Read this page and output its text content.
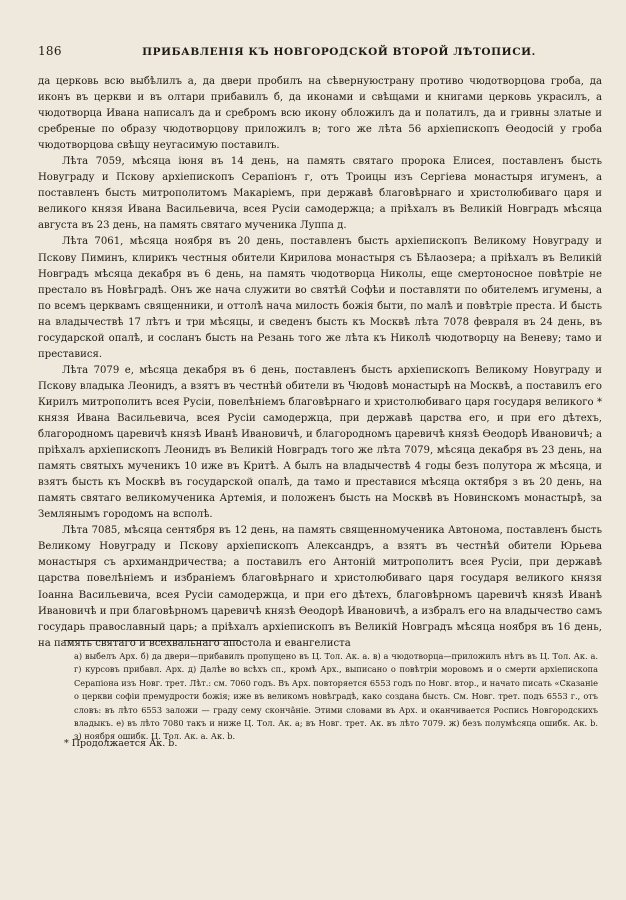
186	ПРИБАВЛЕНІЯ КЪ НОВГОРОДСКОЙ ВТОРОЙ ЛѢТОПИСИ.

да церковь всю выбѣлилъ а, да двери пробилъ на сѣвернуюстрану противо чюдотворцова гроба, да иконъ въ церкви и въ олтари прибавилъ б, да иконами и свѣщами и книгами церковь украсилъ, а чюдотворца Ивана написалъ да и сребромъ всю икону обложилъ да и полатилъ, да и гривны златые и сребреные по образу чюдотворцову приложилъ в; того же лѣта 56 архіепископъ Ѳеодосій у гроба чюдотворцова свѣщу неугасимую поставилъ.

Лѣта 7059, мѣсяца іюня въ 14 день, на память святаго пророка Елисея, поставленъ бысть Новуграду и Пскову архіепископъ Серапіонъ г, отъ Троицы изъ Сергіева монастыря игуменъ, а поставленъ бысть митрополитомъ Макаріемъ, при державѣ благовѣрнаго и христолюбиваго царя и великого князя Ивана Васильевича, всея Русіи самодержца; а пріѣхалъ въ Великій Новградъ мѣсяца августа въ 23 день, на память святаго мученика Луппа д.

Лѣта 7061, мѣсяца ноября въ 20 день, поставленъ бысть архіепископъ Великому Новуграду и Пскову Пиминъ, клирикъ честныя обители Кирилова монастыря съ Бѣлаозера; а пріѣхалъ въ Великій Новградъ мѣсяца декабря въ 6 день, на память чюдотворца Николы, еще смертоносное повѣтріе не престало въ Новѣградѣ. Онъ же нача служити во святѣй Софѣи и поставляти по обителемъ игумены, а по всемъ церквамъ священники, и оттолѣ нача милость божія быти, по малѣ и повѣтріе преста. И бысть на владычествѣ 17 лѣтъ и три мѣсяцы, и сведенъ бысть къ Москвѣ лѣта 7078 февраля въ 24 день, въ государской опалѣ, и сосланъ бысть на Резань того же лѣта къ Николѣ чюдотворцу на Веневу; тамо и преставися.

Лѣта 7079 е, мѣсяца декабря въ 6 день, поставленъ бысть архіепископъ Великому Новуграду и Пскову владыка Леонидъ, а взятъ въ честнѣй обители въ Чюдовѣ монастырѣ на Москвѣ, а поставилъ его Кирилъ митрополитъ всея Русіи, повелѣніемъ благовѣрнаго и христолюбиваго царя государя великого * князя Ивана Васильевича, всея Русіи самодержца, при державѣ царства его, и при его дѣтехъ, благородномъ царевичѣ князѣ Иванѣ Ивановичѣ, и благородномъ царевичѣ князѣ Ѳеодорѣ Ивановичѣ; а пріѣхалъ архіепископъ Леонидъ въ Великій Новградъ того же лѣта 7079, мѣсяца декабря въ 23 день, на память святыхъ мученикъ 10 иже въ Критѣ. А былъ на владычествѣ 4 годы безъ полутора ж мѣсяца, и взятъ бысть къ Москвѣ въ государской опалѣ, да тамо и преставися мѣсяца октября з въ 20 день, на память святаго великомученика Артемія, и положенъ бысть на Москвѣ въ Новинскомъ монастырѣ, за Землянымъ городомъ на всполѣ.

Лѣта 7085, мѣсяца сентября въ 12 день, на память священномученика Автонома, поставленъ бысть Великому Новуграду и Пскову архіепископъ Александръ, а взятъ въ честнѣй обители Юрьева монастыря съ архимандричества; а поставилъ его Антоній митрополитъ всея Русіи, при державѣ царства повелѣніемъ и избраніемъ благовѣрнаго и христолюбиваго царя государя великого князя Іоанна Васильевича, всея Русіи самодержца, и при его дѣтехъ, благовѣрномъ царевичѣ князѣ Иванѣ Ивановичѣ и при благовѣрномъ царевичѣ князѣ Ѳеодорѣ Ивановичѣ, а избралъ его на владычество самъ государь православный царь; а пріѣхалъ архіепископъ въ Великій Новградъ мѣсяца ноября въ 16 день, на память святаго и всехвальнаго апостола и евангелиста

а) выбелъ Арх. б) да двери—прибавилъ пропущено въ Ц. Тол. Ак. а. в) а чюдотворца—приложилъ нѣтъ въ Ц. Тол. Ак. а. г) курсовъ прибавл. Арх. д) Далѣе во всѣхъ сп., кромѣ Арх., выписано о повѣтріи моровомъ и о смерти архіепископа Серапіона изъ Новг. трет. Лѣт.: см. 7060 годъ. Въ Арх. повторяется 6553 годъ по Новг. втор., и начато писать «Сказаніе о церкви софіи премудрости божія; иже въ великомъ новѣградѣ, како создана бысть. См. Новг. трет. подъ 6553 г., отъ словъ: въ лѣто 6553 заложи — граду сему сконча̂ніе. Этими словами въ Арх. и оканчивается Роспись Новгородскихъ владыкъ. е) въ лѣто 7080 такъ и ниже Ц. Тол. Ак. а; въ Новг. трет. Ак. въ лѣто 7079. ж) безъ полумѣсяца ошибк. Ак. b. з) ноября ошибк. Ц. Тол. Ак. а. Ак. b.

* Продолжается Ак. b.
